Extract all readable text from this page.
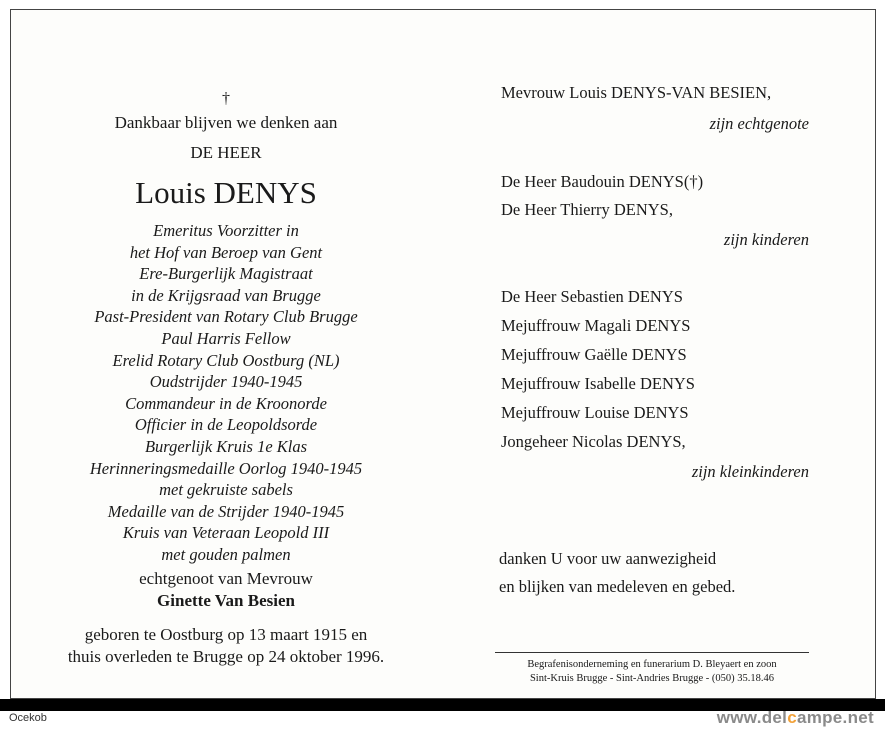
†
Dankbaar blijven we denken aan
DE HEER
Louis DENYS
Emeritus Voorzitter in
het Hof van Beroep van Gent
Ere-Burgerlijk Magistraat
in de Krijgsraad van Brugge
Past-President van Rotary Club Brugge
Paul Harris Fellow
Erelid Rotary Club Oostburg (NL)
Oudstrijder 1940-1945
Commandeur in de Kroonorde
Officier in de Leopoldsorde
Burgerlijk Kruis 1e Klas
Herinneringsmedaille Oorlog 1940-1945
met gekruiste sabels
Medaille van de Strijder 1940-1945
Kruis van Veteraan Leopold III
met gouden palmen
echtgenoot van Mevrouw
Ginette Van Besien
geboren te Oostburg op 13 maart 1915 en
thuis overleden te Brugge op 24 oktober 1996.
Mevrouw Louis DENYS-VAN BESIEN,
zijn echtgenote
De Heer Baudouin DENYS(†)
De Heer Thierry DENYS,
zijn kinderen
De Heer Sebastien DENYS
Mejuffrouw Magali DENYS
Mejuffrouw Gaëlle DENYS
Mejuffrouw Isabelle DENYS
Mejuffrouw Louise DENYS
Jongeheer Nicolas DENYS,
zijn kleinkinderen
danken U voor uw aanwezigheid
en blijken van medeleven en gebed.
Begrafenisonderneming en funerarium D. Bleyaert en zoon
Sint-Kruis Brugge - Sint-Andries Brugge - (050) 35.18.46
Ocekob	www.delcampe.net
